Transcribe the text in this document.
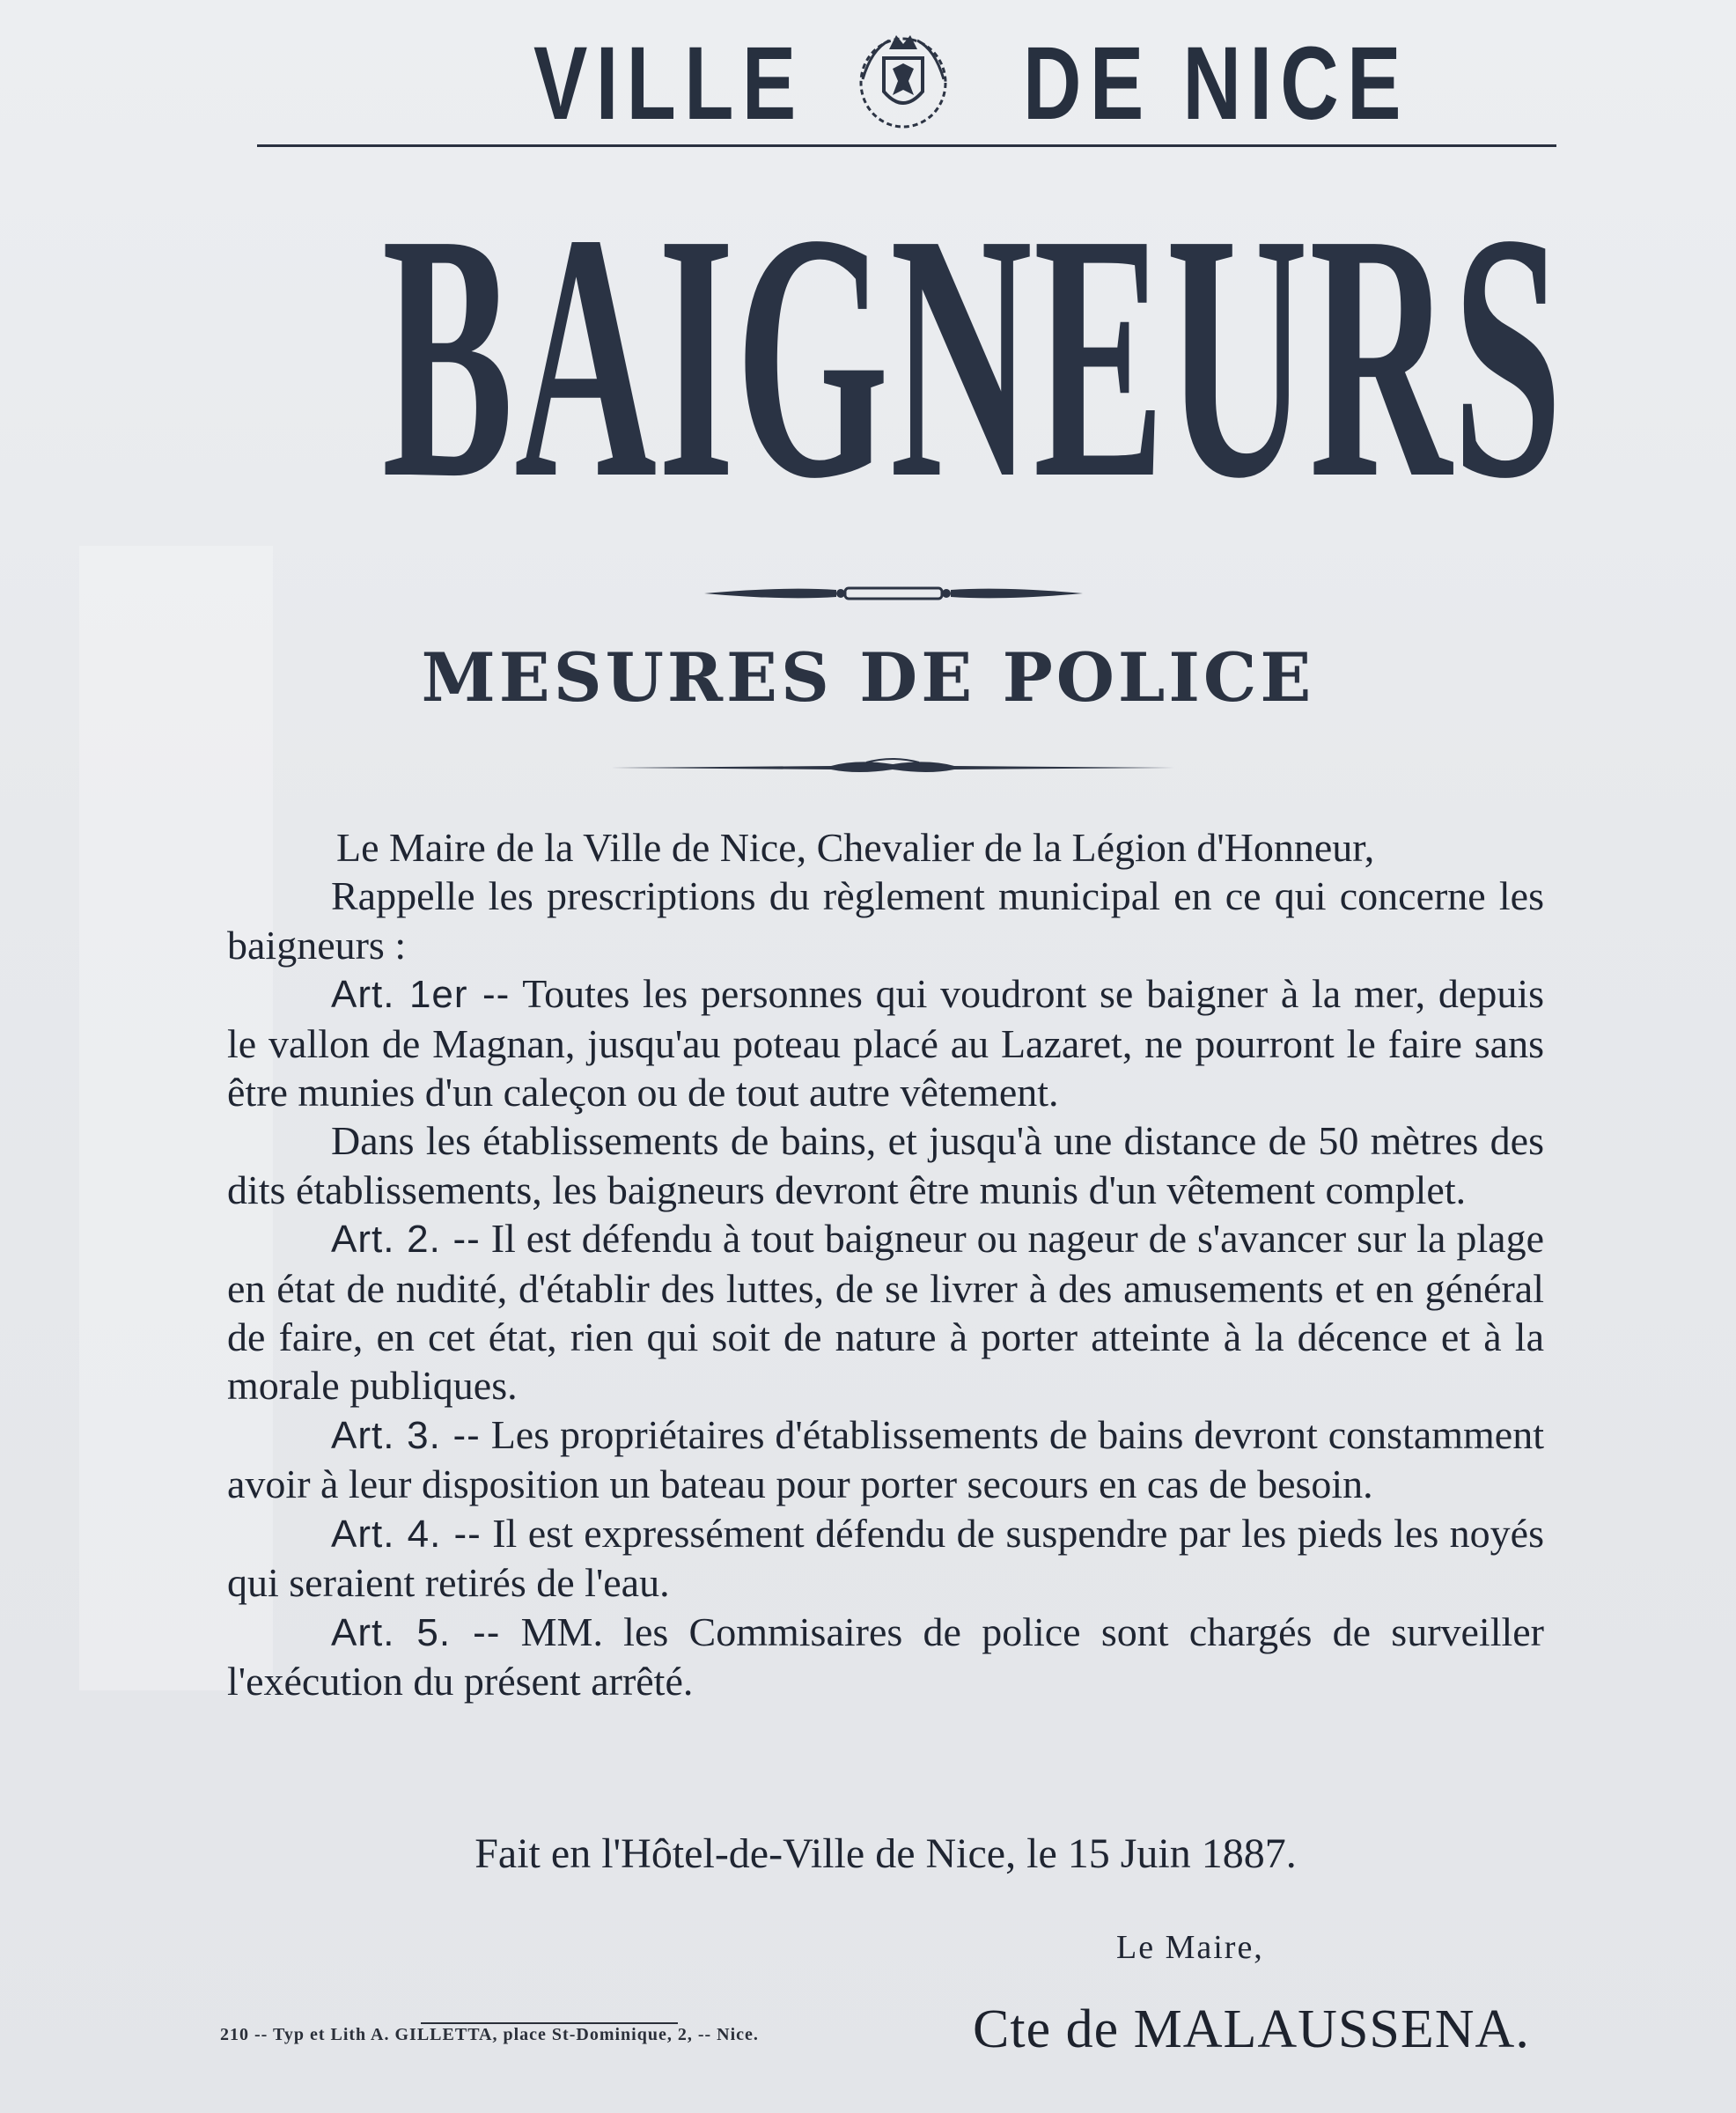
VILLE DE NICE
BAIGNEURS
MESURES DE POLICE

Le Maire de la Ville de Nice, Chevalier de la Légion d'Honneur,

Rappelle les prescriptions du règlement municipal en ce qui concerne les baigneurs :

Art. 1er -- Toutes les personnes qui voudront se baigner à la mer, depuis le vallon de Magnan, jusqu'au poteau placé au Lazaret, ne pourront le faire sans être munies d'un caleçon ou de tout autre vêtement.

Dans les établissements de bains, et jusqu'à une distance de 50 mètres des dits établissements, les baigneurs devront être munis d'un vêtement complet.

Art. 2. -- Il est défendu à tout baigneur ou nageur de s'avancer sur la plage en état de nudité, d'établir des luttes, de se livrer à des amusements et en général de faire, en cet état, rien qui soit de nature à porter atteinte à la décence et à la morale publiques.

Art. 3. -- Les propriétaires d'établissements de bains devront constamment avoir à leur disposition un bateau pour porter secours en cas de besoin.

Art. 4. -- Il est expressément défendu de suspendre par les pieds les noyés qui seraient retirés de l'eau.

Art. 5. -- MM. les Commisaires de police sont chargés de surveiller l'exécution du présent arrêté.

Fait en l'Hôtel-de-Ville de Nice, le 15 Juin 1887.
Le Maire,
Cte de MALAUSSENA.
210 -- Typ et Lith A. GILLETTA, place St-Dominique, 2, -- Nice.
